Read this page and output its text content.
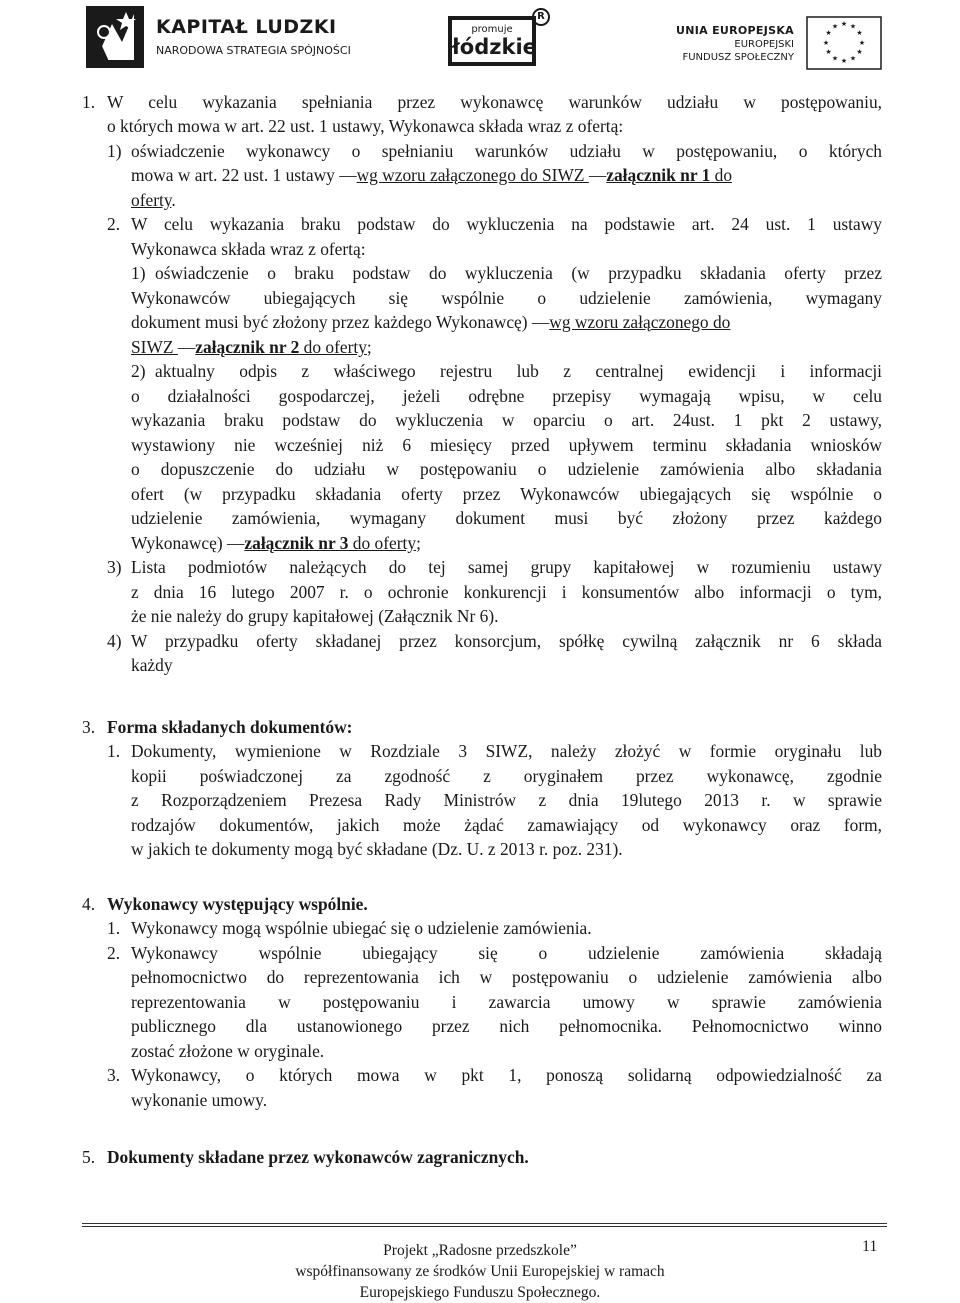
KAPITAŁ LUDZKI
NARODOWA STRATEGIA SPÓJNOŚCI
promuje
łódzkie
R
UNIA EUROPEJSKA
EUROPEJSKI
FUNDUSZ SPOŁECZNY
★ ★
★
★
★
★
★
★
★
★
★
★
1. W celu wykazania spełniania przez wykonawcę warunków udziału w postępowaniu,
o których mowa w art. 22 ust. 1 ustawy, Wykonawca składa wraz z ofertą:
1) oświadczenie wykonawcy o spełnianiu warunków udziału w postępowaniu, o których
mowa w art. 22 ust. 1 ustawy —wg wzoru załączonego do SIWZ —załącznik nr 1 do
oferty.
2. W celu wykazania braku podstaw do wykluczenia na podstawie art. 24 ust. 1 ustawy
Wykonawca składa wraz z ofertą:
1) oświadczenie o braku podstaw do wykluczenia (w przypadku składania oferty przez
Wykonawców ubiegających się wspólnie o udzielenie zamówienia, wymagany
dokument musi być złożony przez każdego Wykonawcę) —wg wzoru załączonego do
SIWZ —załącznik nr 2 do oferty;
2) aktualny odpis z właściwego rejestru lub z centralnej ewidencji i informacji
o działalności gospodarczej, jeżeli odrębne przepisy wymagają wpisu, w celu
wykazania braku podstaw do wykluczenia w oparciu o art. 24ust. 1 pkt 2 ustawy,
wystawiony nie wcześniej niż 6 miesięcy przed upływem terminu składania wniosków
o dopuszczenie do udziału w postępowaniu o udzielenie zamówienia albo składania
ofert (w przypadku składania oferty przez Wykonawców ubiegających się wspólnie o
udzielenie zamówienia, wymagany dokument musi być złożony przez każdego
Wykonawcę) —załącznik nr 3 do oferty;
3) Lista podmiotów należących do tej samej grupy kapitałowej w rozumieniu ustawy
z dnia 16 lutego 2007 r. o ochronie konkurencji i konsumentów albo informacji o tym,
że nie należy do grupy kapitałowej (Załącznik Nr 6).
4) W przypadku oferty składanej przez konsorcjum, spółkę cywilną załącznik nr 6 składa
każdy
3. Forma składanych dokumentów:
1. Dokumenty, wymienione w Rozdziale 3 SIWZ, należy złożyć w formie oryginału lub
kopii poświadczonej za zgodność z oryginałem przez wykonawcę, zgodnie
z Rozporządzeniem Prezesa Rady Ministrów z dnia 19lutego 2013 r. w sprawie
rodzajów dokumentów, jakich może żądać zamawiający od wykonawcy oraz form,
w jakich te dokumenty mogą być składane (Dz. U. z 2013 r. poz. 231).
4. Wykonawcy występujący wspólnie.
1. Wykonawcy mogą wspólnie ubiegać się o udzielenie zamówienia.
2. Wykonawcy wspólnie ubiegający się o udzielenie zamówienia składają
pełnomocnictwo do reprezentowania ich w postępowaniu o udzielenie zamówienia albo
reprezentowania w postępowaniu i zawarcia umowy w sprawie zamówienia
publicznego dla ustanowionego przez nich pełnomocnika. Pełnomocnictwo winno
zostać złożone w oryginale.
3. Wykonawcy, o których mowa w pkt 1, ponoszą solidarną odpowiedzialność za
wykonanie umowy.
5. Dokumenty składane przez wykonawców zagranicznych.
Projekt „Radosne przedszkole”
współfinansowany ze środków Unii Europejskiej w ramach
Europejskiego Funduszu Społecznego.
11
